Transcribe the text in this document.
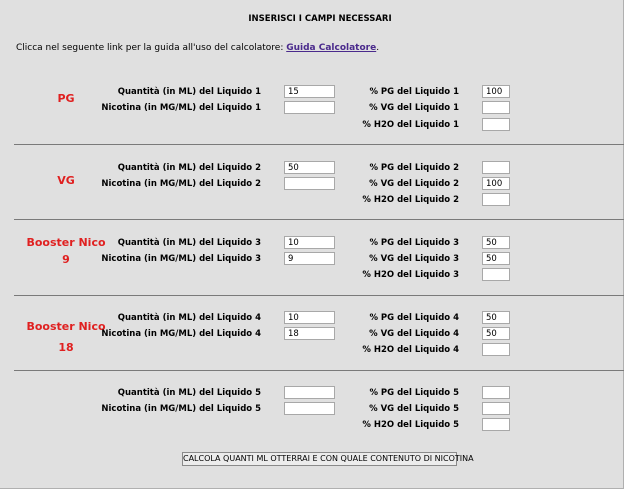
INSERISCI I CAMPI NECESSARI
Clicca nel seguente link per la guida all'uso del calcolatore: Guida Calcolatore.
PG	Quantità (in ML) del Liquido 1
15
Nicotina (in MG/ML) del Liquido 1
% PG del Liquido 1
100
% VG del Liquido 1
% H2O del Liquido 1
VG
Quantità (in ML) del Liquido 2
50
Nicotina (in MG/ML) del Liquido 2
% PG del Liquido 2
% VG del Liquido 2
100
% H2O del Liquido 2
Booster Nico
9
Quantità (in ML) del Liquido 3
10
Nicotina (in MG/ML) del Liquido 3
9
% PG del Liquido 3
50
% VG del Liquido 3
50
% H2O del Liquido 3
Booster Nico
18
Quantità (in ML) del Liquido 4
10
Nicotina (in MG/ML) del Liquido 4
18
% PG del Liquido 4
50
% VG del Liquido 4
50
% H2O del Liquido 4
Quantità (in ML) del Liquido 5
Nicotina (in MG/ML) del Liquido 5
% PG del Liquido 5
% VG del Liquido 5
% H2O del Liquido 5
CALCOLA QUANTI ML OTTERRAI E CON QUALE CONTENUTO DI NICOTINA
